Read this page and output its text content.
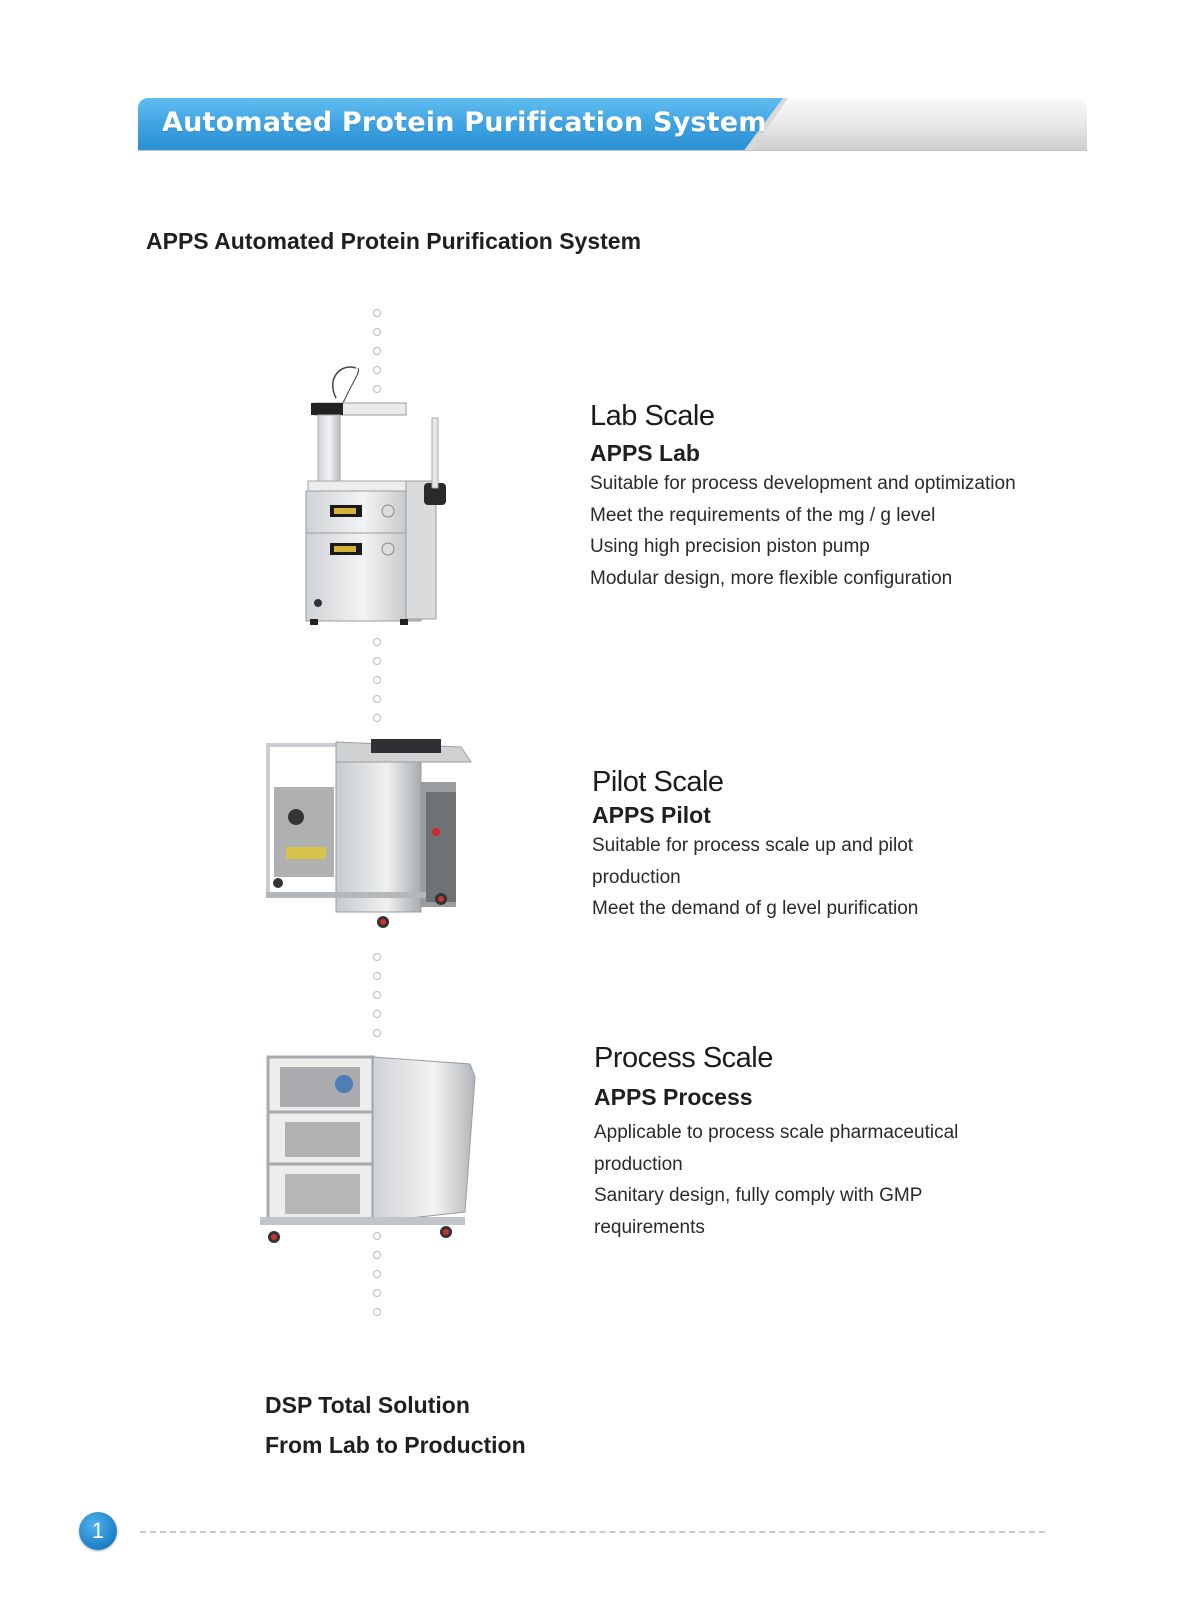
Automated Protein Purification System
APPS Automated Protein Purification System
Lab Scale
APPS Lab
Suitable for process development and optimization
Meet the requirements of the mg / g level
Using high precision piston pump
Modular design, more flexible configuration
Pilot Scale
APPS Pilot
Suitable for process scale up and pilot
production
Meet the demand of g level purification
Process Scale
APPS Process
Applicable to process scale pharmaceutical
production
Sanitary design, fully comply with GMP
requirements
DSP Total Solution
From Lab to Production
1
